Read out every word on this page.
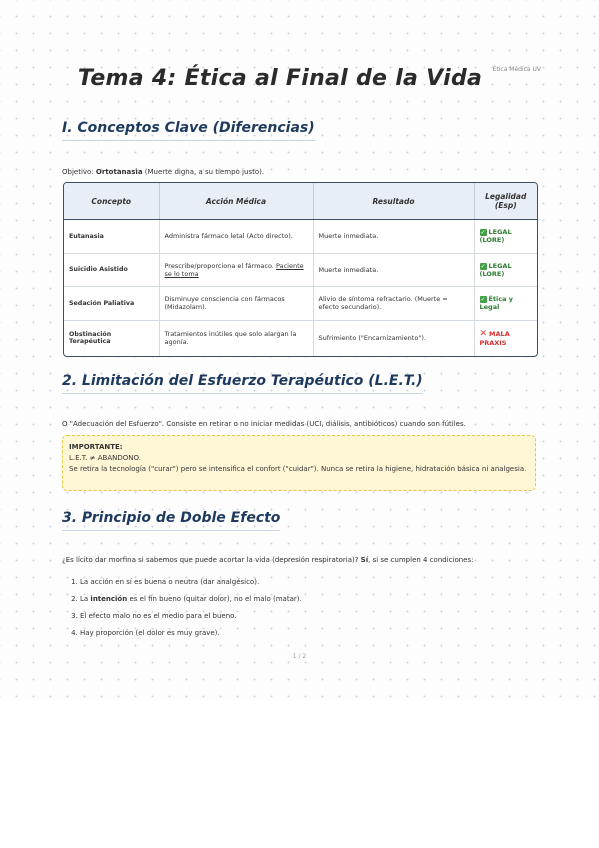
Ética Médica UV
Tema 4: Ética al Final de la Vida
I. Conceptos Clave (Diferencias)
Objetivo: Ortotanasia (Muerte digna, a su tiempo justo).
Concepto	Acción Médica	Resultado	Legalidad (Esp)
Eutanasia	Administra fármaco letal (Acto directo).	Muerte inmediata.	✓ LEGAL (LORE)
Suicidio Asistido	Prescribe/proporciona el fármaco. Paciente se lo toma	Muerte inmediata.	✓ LEGAL (LORE)
Sedación Paliativa	Disminuye consciencia con fármacos (Midazolam).	Alivio de síntoma refractario. (Muerte = efecto secundario).	✓ Ética y Legal
Obstinación Terapéutica	Tratamientos inútiles que solo alargan la agonía.	Sufrimiento ("Encarnizamiento").	✕ MALA PRAXIS
2. Limitación del Esfuerzo Terapéutico (L.E.T.)
O "Adecuación del Esfuerzo". Consiste en retirar o no iniciar medidas (UCI, diálisis, antibióticos) cuando son fútiles.
IMPORTANTE:
L.E.T. ≠ ABANDONO.
Se retira la tecnología ("curar") pero se intensifica el confort ("cuidar"). Nunca se retira la higiene, hidratación básica ni analgesia.
3. Principio de Doble Efecto
¿Es lícito dar morfina si sabemos que puede acortar la vida (depresión respiratoria)? Sí, si se cumplen 4 condiciones:
1. La acción en sí es buena o neutra (dar analgésico).
2. La intención es el fin bueno (quitar dolor), no el malo (matar).
3. El efecto malo no es el medio para el bueno.
4. Hay proporción (el dolor es muy grave).
1 / 2
